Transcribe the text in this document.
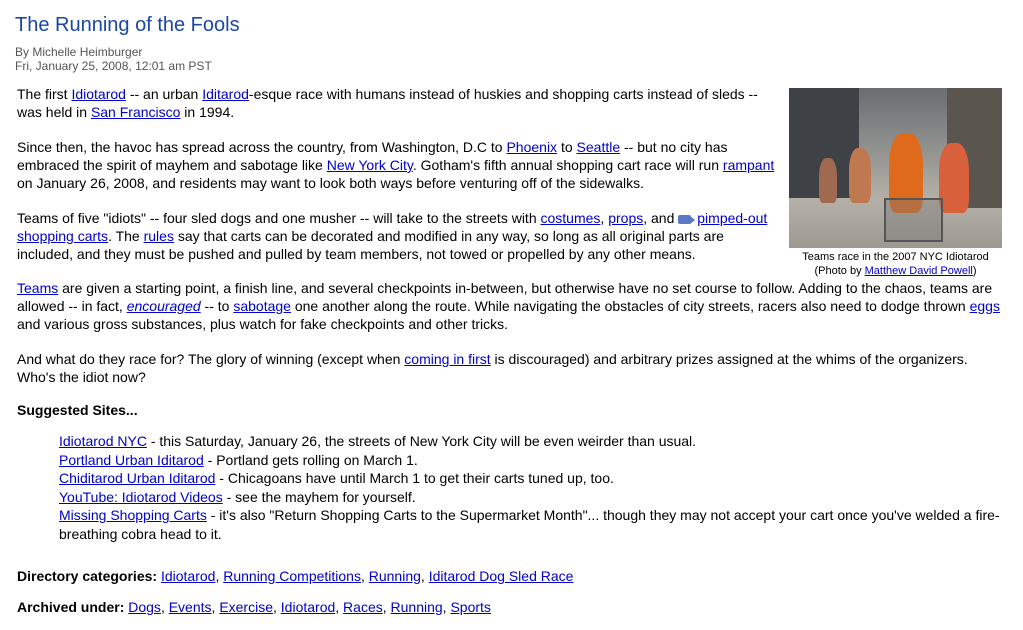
The Running of the Fools
By Michelle Heimburger
Fri, January 25, 2008, 12:01 am PST

The first Idiotarod -- an urban Iditarod-esque race with humans instead of huskies and shopping carts instead of sleds -- was held in San Francisco in 1994.

Since then, the havoc has spread across the country, from Washington, D.C to Phoenix to Seattle -- but no city has embraced the spirit of mayhem and sabotage like New York City. Gotham's fifth annual shopping cart race will run rampant on January 26, 2008, and residents may want to look both ways before venturing off of the sidewalks.

Teams of five "idiots" -- four sled dogs and one musher -- will take to the streets with costumes, props, and pimped-out shopping carts. The rules say that carts can be decorated and modified in any way, so long as all original parts are included, and they must be pushed and pulled by team members, not towed or propelled by any other means.	Teams race in the 2007 NYC Idiotarod
(Photo by Matthew David Powell)

Teams are given a starting point, a finish line, and several checkpoints in-between, but otherwise have no set course to follow. Adding to the chaos, teams are allowed -- in fact, encouraged -- to sabotage one another along the route. While navigating the obstacles of city streets, racers also need to dodge thrown eggs and various gross substances, plus watch for fake checkpoints and other tricks.

And what do they race for? The glory of winning (except when coming in first is discouraged) and arbitrary prizes assigned at the whims of the organizers. Who's the idiot now?

Suggested Sites...
Idiotarod NYC - this Saturday, January 26, the streets of New York City will be even weirder than usual.
Portland Urban Iditarod - Portland gets rolling on March 1.
Chiditarod Urban Iditarod - Chicagoans have until March 1 to get their carts tuned up, too.
YouTube: Idiotarod Videos - see the mayhem for yourself.
Missing Shopping Carts - it's also "Return Shopping Carts to the Supermarket Month"... though they may not accept your cart once you've welded a fire-breathing cobra head to it.
Directory categories: Idiotarod, Running Competitions, Running, Iditarod Dog Sled Race
Archived under: Dogs, Events, Exercise, Idiotarod, Races, Running, Sports
